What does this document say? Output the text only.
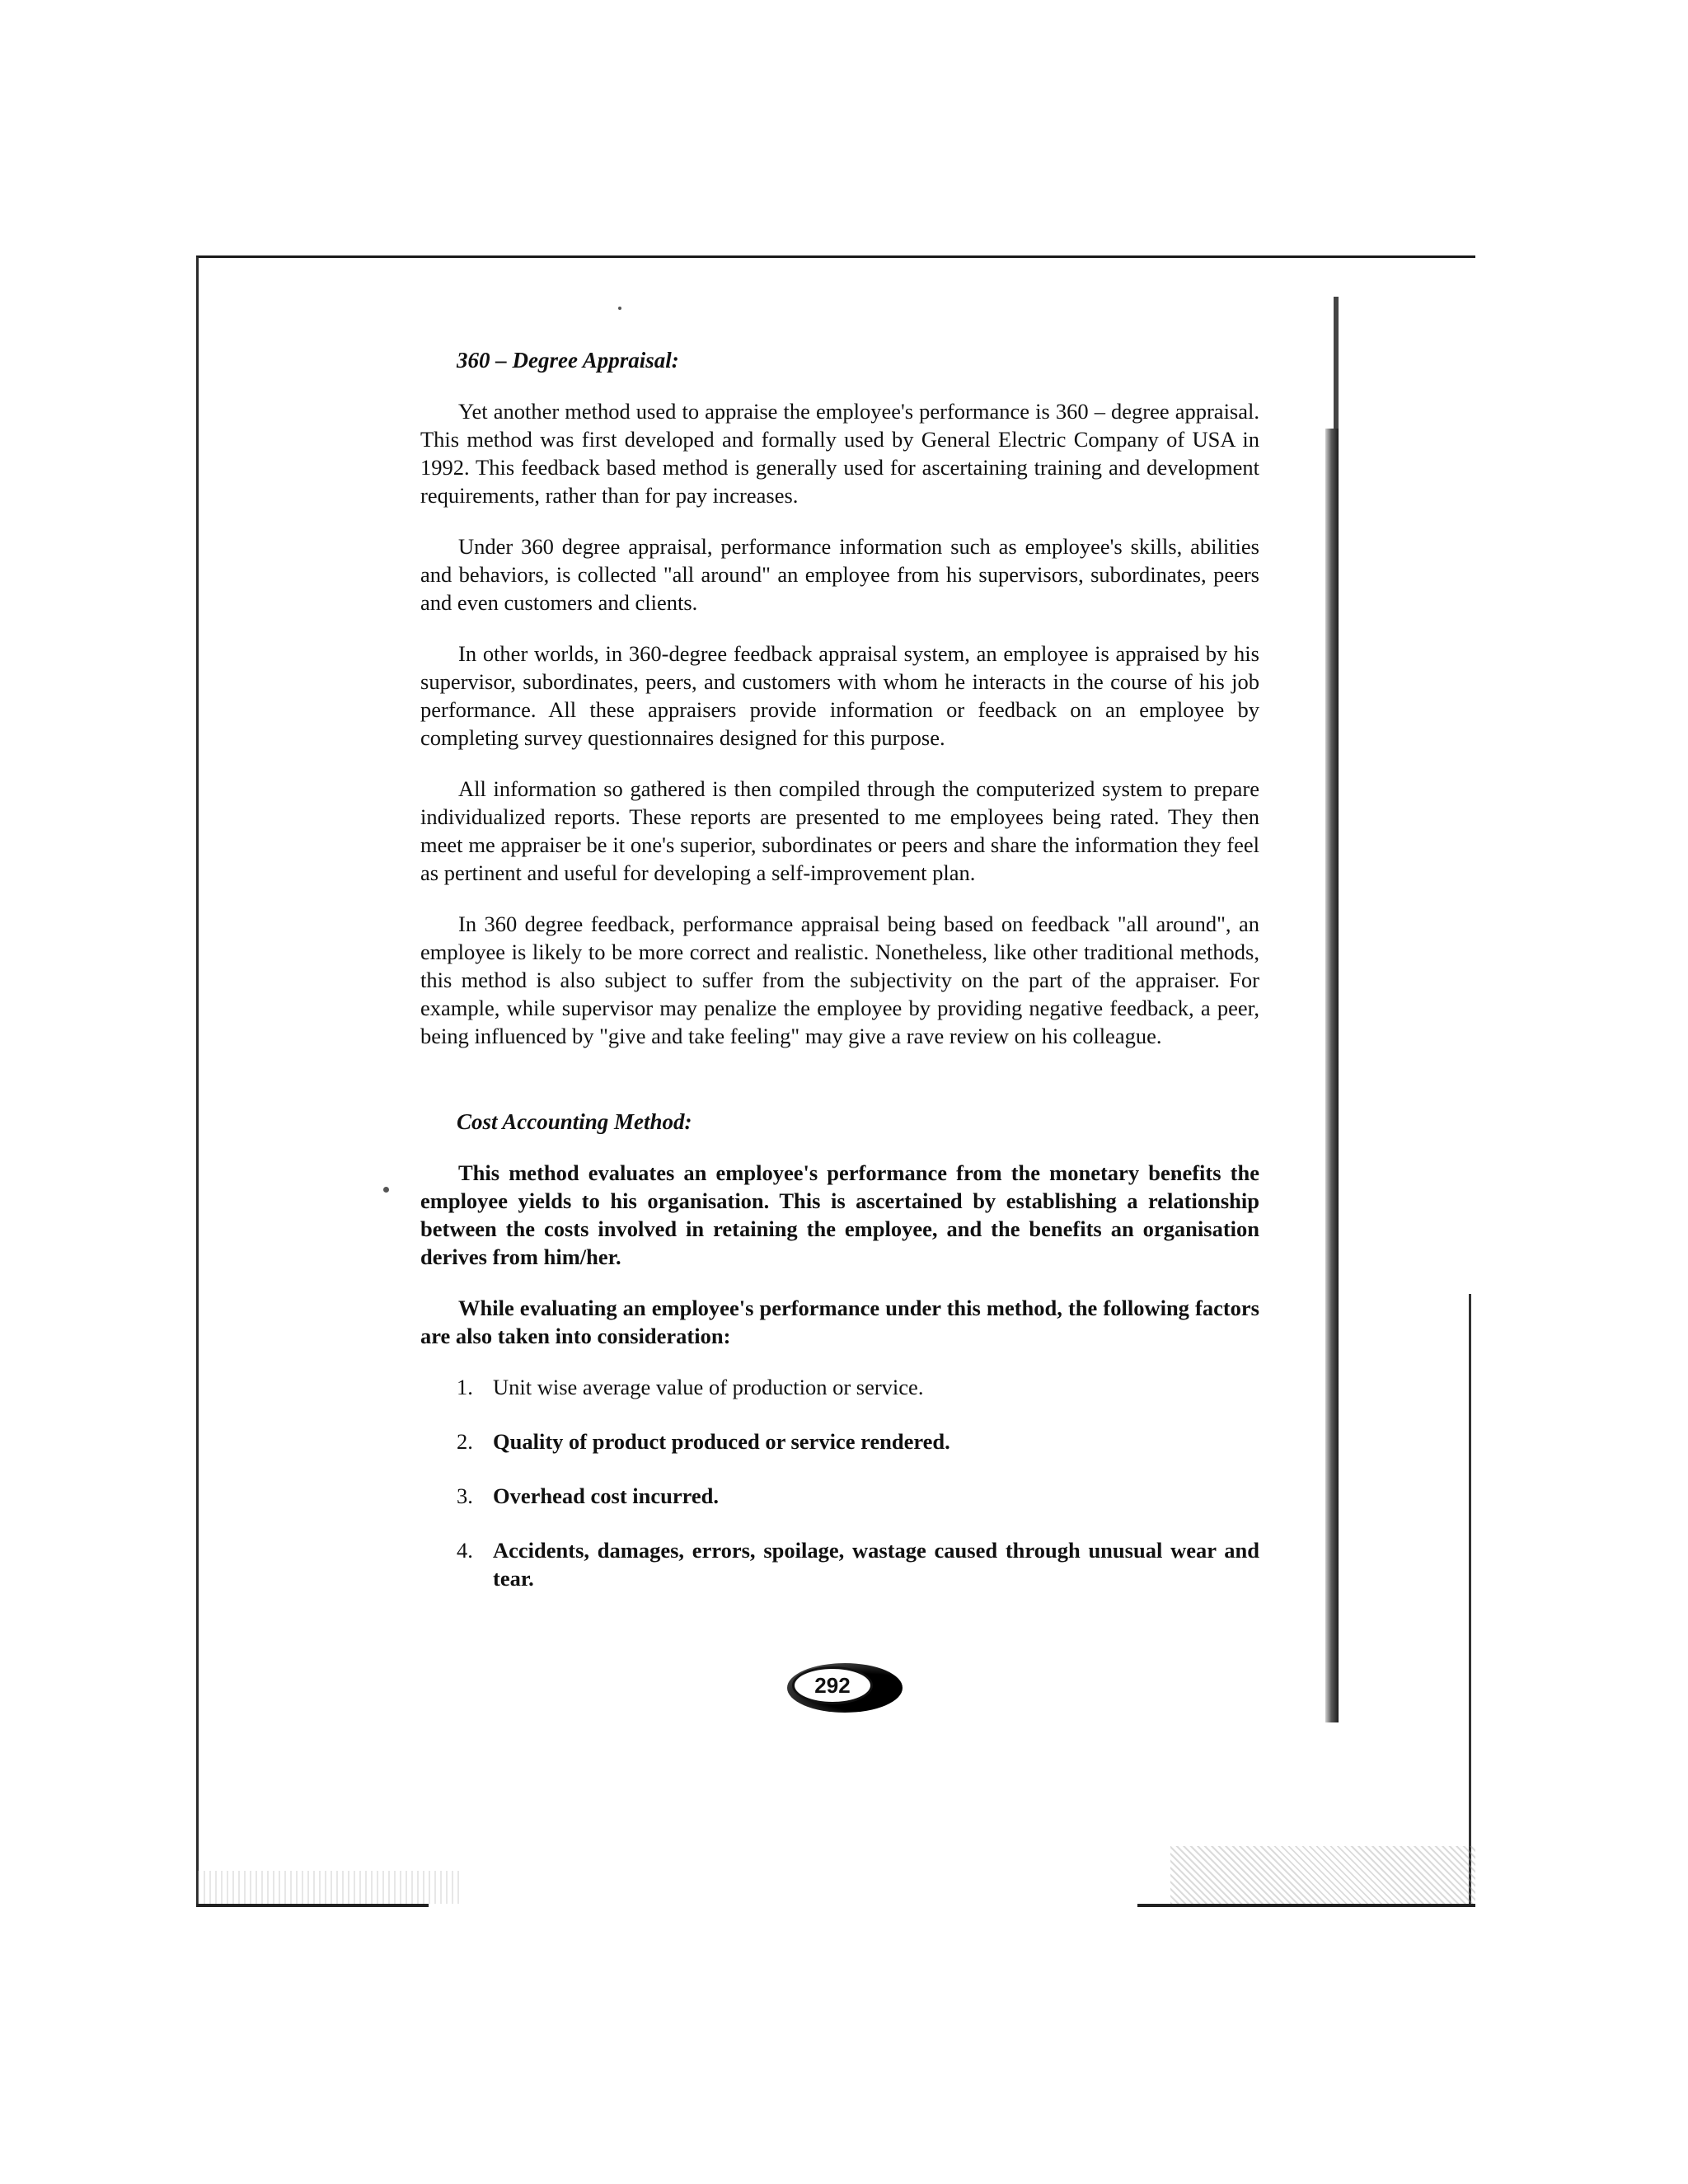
360 – Degree Appraisal:

Yet another method used to appraise the employee's performance is 360 – degree appraisal. This method was first developed and formally used by General Electric Company of USA in 1992. This feedback based method is generally used for ascertaining training and development requirements, rather than for pay increases.

Under 360 degree appraisal, performance information such as employee's skills, abilities and behaviors, is collected "all around" an employee from his supervisors, subordinates, peers and even customers and clients.

In other worlds, in 360-degree feedback appraisal system, an employee is appraised by his supervisor, subordinates, peers, and customers with whom he interacts in the course of his job performance. All these appraisers provide information or feedback on an employee by completing survey questionnaires designed for this purpose.

All information so gathered is then compiled through the computerized system to prepare individualized reports. These reports are presented to me employees being rated. They then meet me appraiser be it one's superior, subordinates or peers and share the information they feel as pertinent and useful for developing a self-improvement plan.

In 360 degree feedback, performance appraisal being based on feedback "all around", an employee is likely to be more correct and realistic. Nonetheless, like other traditional methods, this method is also subject to suffer from the subjectivity on the part of the appraiser. For example, while supervisor may penalize the employee by providing negative feedback, a peer, being influenced by "give and take feeling" may give a rave review on his colleague.

Cost Accounting Method:

This method evaluates an employee's performance from the monetary benefits the employee yields to his organisation. This is ascertained by establishing a relationship between the costs involved in retaining the employee, and the benefits an organisation derives from him/her.

While evaluating an employee's performance under this method, the following factors are also taken into consideration:

1. Unit wise average value of production or service.
2. Quality of product produced or service rendered.
3. Overhead cost incurred.
4. Accidents, damages, errors, spoilage, wastage caused through unusual wear and tear.
292
